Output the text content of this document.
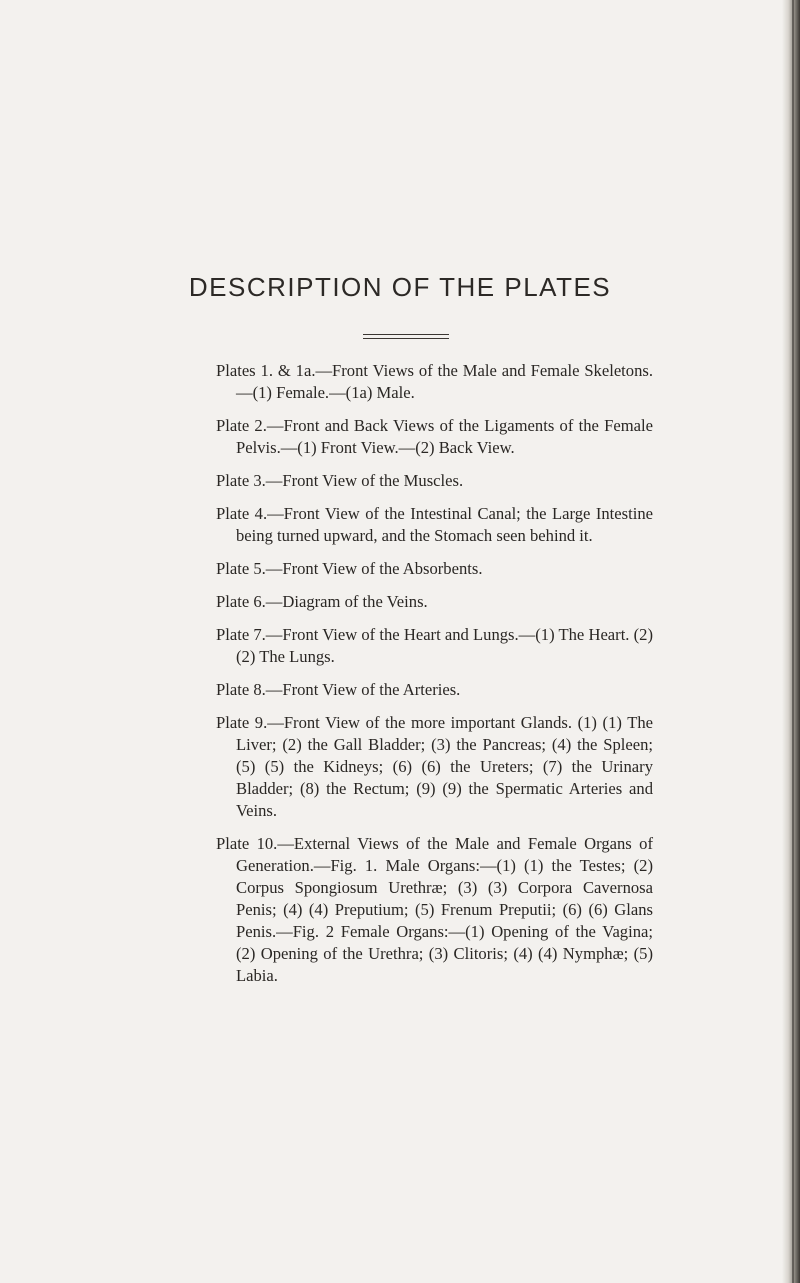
DESCRIPTION OF THE PLATES

Plates 1. & 1a.—Front Views of the Male and Female Skeletons.—(1) Female.—(1a) Male.

Plate 2.—Front and Back Views of the Ligaments of the Female Pelvis.—(1) Front View.—(2) Back View.

Plate 3.—Front View of the Muscles.

Plate 4.—Front View of the Intestinal Canal; the Large Intestine being turned upward, and the Stomach seen behind it.

Plate 5.—Front View of the Absorbents.

Plate 6.—Diagram of the Veins.

Plate 7.—Front View of the Heart and Lungs.—(1) The Heart. (2) (2) The Lungs.

Plate 8.—Front View of the Arteries.

Plate 9.—Front View of the more important Glands. (1) (1) The Liver; (2) the Gall Bladder; (3) the Pancreas; (4) the Spleen; (5) (5) the Kidneys; (6) (6) the Ureters; (7) the Urinary Bladder; (8) the Rectum; (9) (9) the Spermatic Arteries and Veins.

Plate 10.—External Views of the Male and Female Organs of Generation.—Fig. 1. Male Organs:—(1) (1) the Testes; (2) Corpus Spongiosum Urethræ; (3) (3) Corpora Cavernosa Penis; (4) (4) Preputium; (5) Frenum Preputii; (6) (6) Glans Penis.—Fig. 2 Female Organs:—(1) Opening of the Vagina; (2) Opening of the Urethra; (3) Clitoris; (4) (4) Nymphæ; (5) Labia.
